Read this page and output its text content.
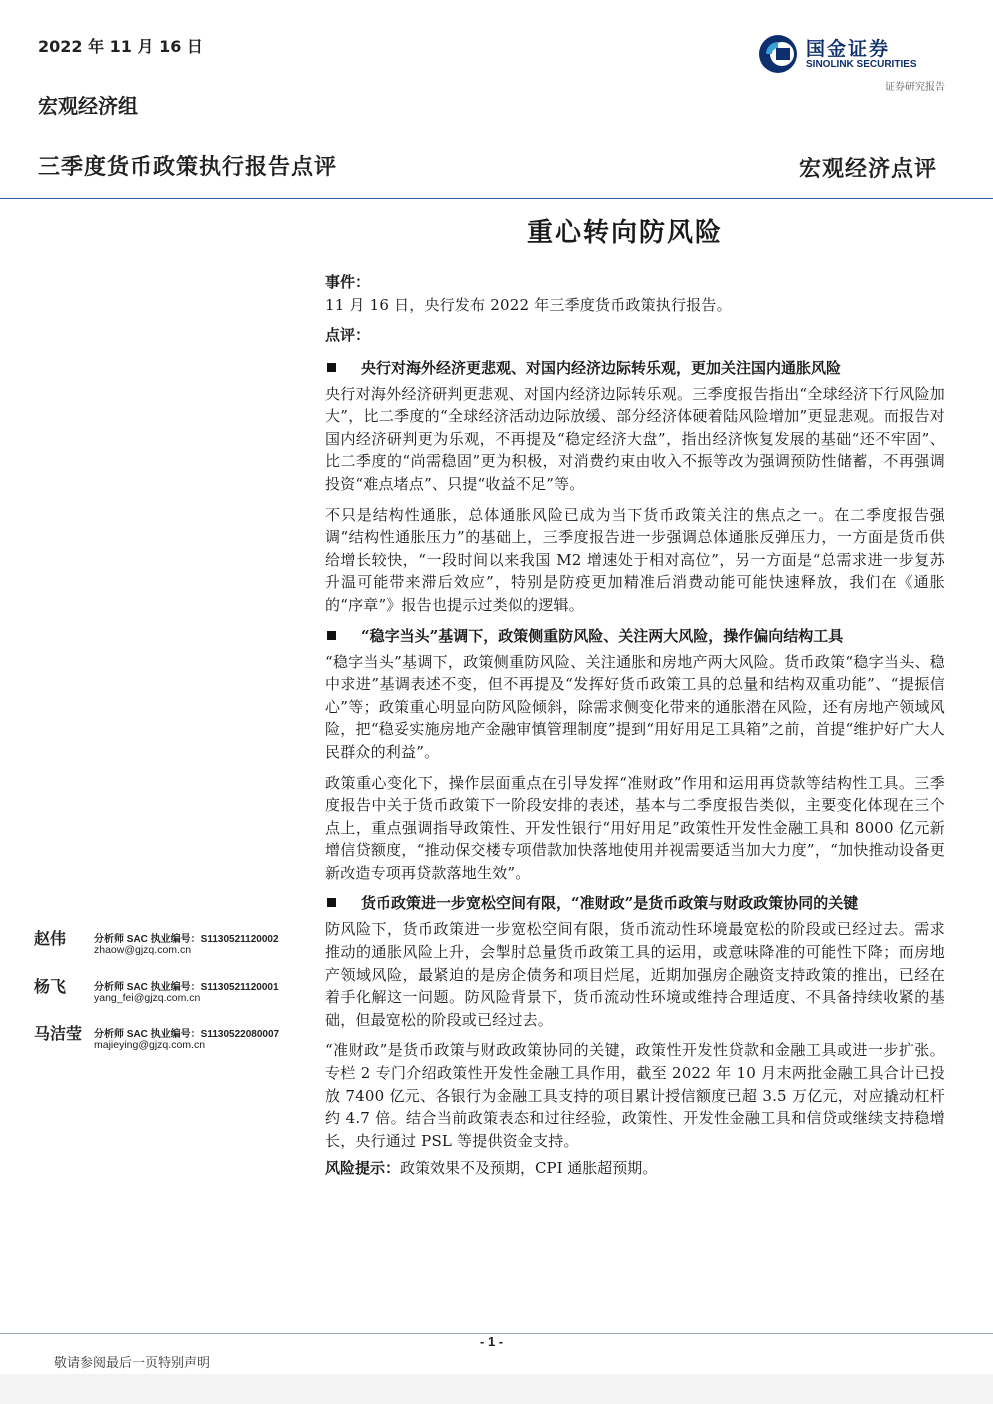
2022 年 11 月 16 日
宏观经济组
国金证券
SINOLINK SECURITIES
证券研究报告
三季度货币政策执行报告点评	宏观经济点评
重心转向防风险
事件：

11 月 16 日，央行发布 2022 年三季度货币政策执行报告。

点评：
央行对海外经济更悲观、对国内经济边际转乐观，更加关注国内通胀风险

央行对海外经济研判更悲观、对国内经济边际转乐观。三季度报告指出“全球经济下行风险加大”，比二季度的“全球经济活动边际放缓、部分经济体硬着陆风险增加”更显悲观。而报告对国内经济研判更为乐观，不再提及“稳定经济大盘”，指出经济恢复发展的基础“还不牢固”、比二季度的“尚需稳固”更为积极，对消费约束由收入不振等改为强调预防性储蓄，不再强调投资“难点堵点”、只提“收益不足”等。

不只是结构性通胀，总体通胀风险已成为当下货币政策关注的焦点之一。在二季度报告强调“结构性通胀压力”的基础上，三季度报告进一步强调总体通胀反弹压力，一方面是货币供给增长较快，“一段时间以来我国 M2 增速处于相对高位”，另一方面是“总需求进一步复苏升温可能带来滞后效应”，特别是防疫更加精准后消费动能可能快速释放，我们在《通胀的“序章”》报告也提示过类似的逻辑。

“稳字当头”基调下，政策侧重防风险、关注两大风险，操作偏向结构工具

“稳字当头”基调下，政策侧重防风险、关注通胀和房地产两大风险。货币政策“稳字当头、稳中求进”基调表述不变，但不再提及“发挥好货币政策工具的总量和结构双重功能”、“提振信心”等；政策重心明显向防风险倾斜，除需求侧变化带来的通胀潜在风险，还有房地产领域风险，把“稳妥实施房地产金融审慎管理制度”提到“用好用足工具箱”之前，首提“维护好广大人民群众的利益”。

政策重心变化下，操作层面重点在引导发挥“准财政”作用和运用再贷款等结构性工具。三季度报告中关于货币政策下一阶段安排的表述，基本与二季度报告类似，主要变化体现在三个点上，重点强调指导政策性、开发性银行“用好用足”政策性开发性金融工具和 8000 亿元新增信贷额度，“推动保交楼专项借款加快落地使用并视需要适当加大力度”，“加快推动设备更新改造专项再贷款落地生效”。

货币政策进一步宽松空间有限，“准财政”是货币政策与财政政策协同的关键

防风险下，货币政策进一步宽松空间有限，货币流动性环境最宽松的阶段或已经过去。需求推动的通胀风险上升，会掣肘总量货币政策工具的运用，或意味降准的可能性下降；而房地产领域风险，最紧迫的是房企债务和项目烂尾，近期加强房企融资支持政策的推出，已经在着手化解这一问题。防风险背景下，货币流动性环境或维持合理适度、不具备持续收紧的基础，但最宽松的阶段或已经过去。

“准财政”是货币政策与财政政策协同的关键，政策性开发性贷款和金融工具或进一步扩张。专栏 2 专门介绍政策性开发性金融工具作用，截至 2022 年 10 月末两批金融工具合计已投放 7400 亿元、各银行为金融工具支持的项目累计授信额度已超 3.5 万亿元，对应撬动杠杆约 4.7 倍。结合当前政策表态和过往经验，政策性、开发性金融工具和信贷或继续支持稳增长，央行通过 PSL 等提供资金支持。

风险提示：政策效果不及预期，CPI 通胀超预期。
赵伟	分析师 SAC 执业编号：S1130521120002
zhaow@gjzq.com.cn
杨飞	分析师 SAC 执业编号：S1130521120001
yang_fei@gjzq.com.cn
马洁莹 分析师 SAC 执业编号：S1130522080007
majieying@gjzq.com.cn
- 1 -
敬请参阅最后一页特别声明
